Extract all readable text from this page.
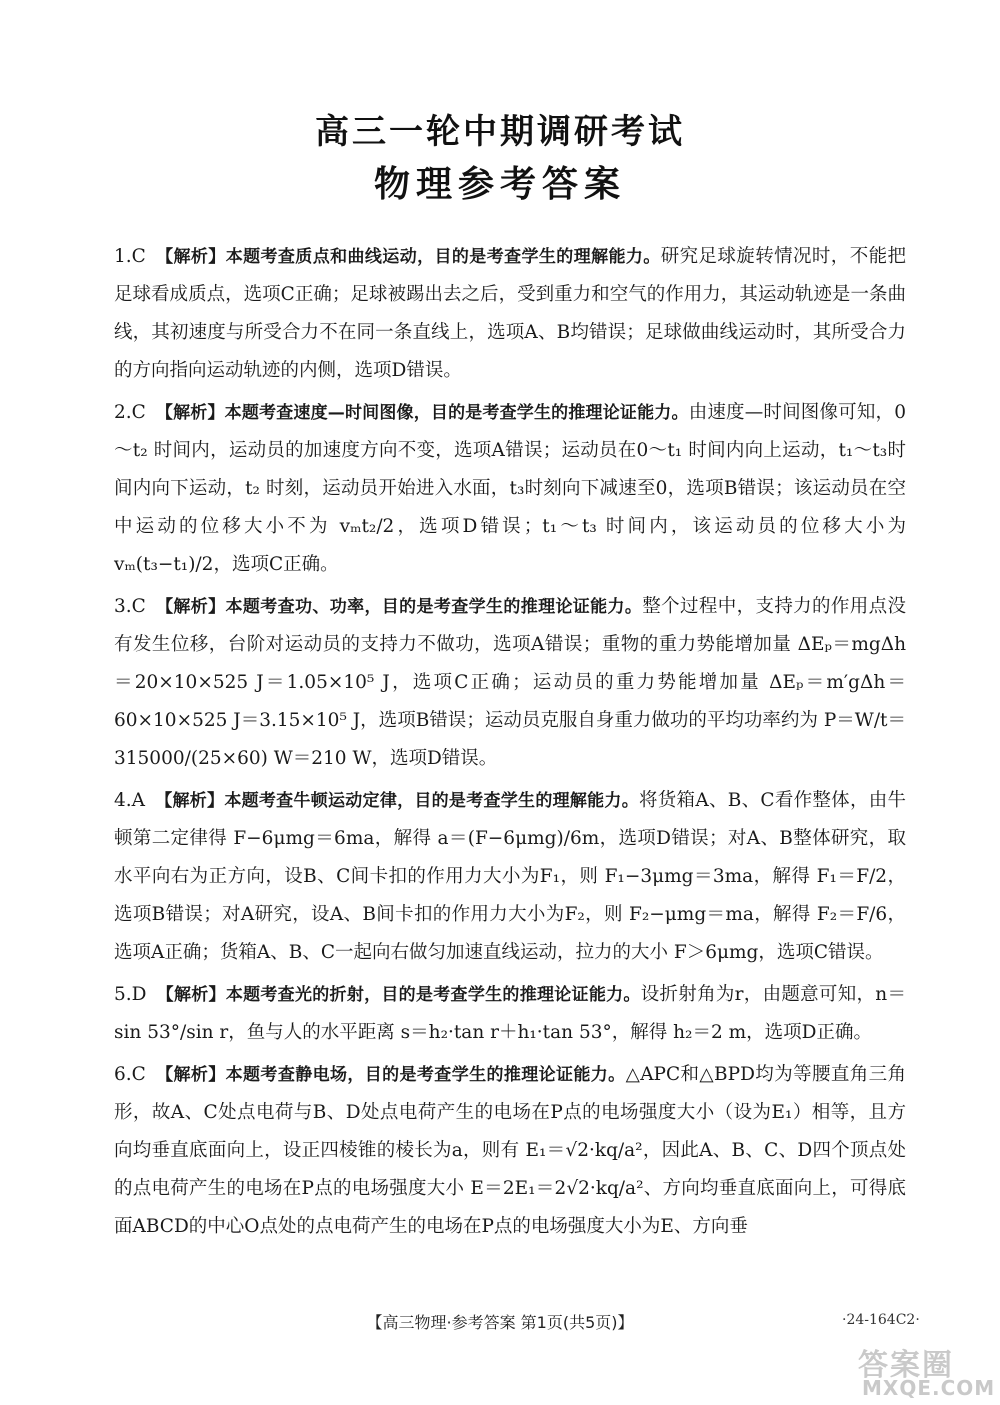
高三一轮中期调研考试
物理参考答案
1.C 【解析】本题考查质点和曲线运动，目的是考查学生的理解能力。研究足球旋转情况时，不能把足球看成质点，选项C正确；足球被踢出去之后，受到重力和空气的作用力，其运动轨迹是一条曲线，其初速度与所受合力不在同一条直线上，选项A、B均错误；足球做曲线运动时，其所受合力的方向指向运动轨迹的内侧，选项D错误。
2.C 【解析】本题考查速度—时间图像，目的是考查学生的推理论证能力。由速度—时间图像可知，0～t₂ 时间内，运动员的加速度方向不变，选项A错误；运动员在0～t₁ 时间内向上运动，t₁～t₃时间内向下运动，t₂ 时刻，运动员开始进入水面，t₃时刻向下减速至0，选项B错误；该运动员在空中运动的位移大小不为 vₘt₂/2，选项D错误；t₁～t₃ 时间内，该运动员的位移大小为 vₘ(t₃−t₁)/2，选项C正确。
3.C 【解析】本题考查功、功率，目的是考查学生的推理论证能力。整个过程中，支持力的作用点没有发生位移，台阶对运动员的支持力不做功，选项A错误；重物的重力势能增加量 ΔEₚ＝mgΔh＝20×10×525 J＝1.05×10⁵ J，选项C正确；运动员的重力势能增加量 ΔEₚ＝m′gΔh＝60×10×525 J＝3.15×10⁵ J，选项B错误；运动员克服自身重力做功的平均功率约为 P＝W/t＝315000/(25×60) W＝210 W，选项D错误。
4.A 【解析】本题考查牛顿运动定律，目的是考查学生的理解能力。将货箱A、B、C看作整体，由牛顿第二定律得 F−6μmg＝6ma，解得 a＝(F−6μmg)/6m，选项D错误；对A、B整体研究，取水平向右为正方向，设B、C间卡扣的作用力大小为F₁，则 F₁−3μmg＝3ma，解得 F₁＝F/2，选项B错误；对A研究，设A、B间卡扣的作用力大小为F₂，则 F₂−μmg＝ma，解得 F₂＝F/6，选项A正确；货箱A、B、C一起向右做匀加速直线运动，拉力的大小 F＞6μmg，选项C错误。
5.D 【解析】本题考查光的折射，目的是考查学生的推理论证能力。设折射角为r，由题意可知，n＝sin 53°/sin r，鱼与人的水平距离 s＝h₂·tan r＋h₁·tan 53°，解得 h₂＝2 m，选项D正确。
6.C 【解析】本题考查静电场，目的是考查学生的推理论证能力。△APC和△BPD均为等腰直角三角形，故A、C处点电荷与B、D处点电荷产生的电场在P点的电场强度大小（设为E₁）相等，且方向均垂直底面向上，设正四棱锥的棱长为a，则有 E₁＝√2·kq/a²，因此A、B、C、D四个顶点处的点电荷产生的电场在P点的电场强度大小 E＝2E₁＝2√2·kq/a²、方向均垂直底面向上，可得底面ABCD的中心O点处的点电荷产生的电场在P点的电场强度大小为E、方向垂
【高三物理·参考答案 第1页(共5页)】	·24-164C2·
答案圈
MXQE.COM
